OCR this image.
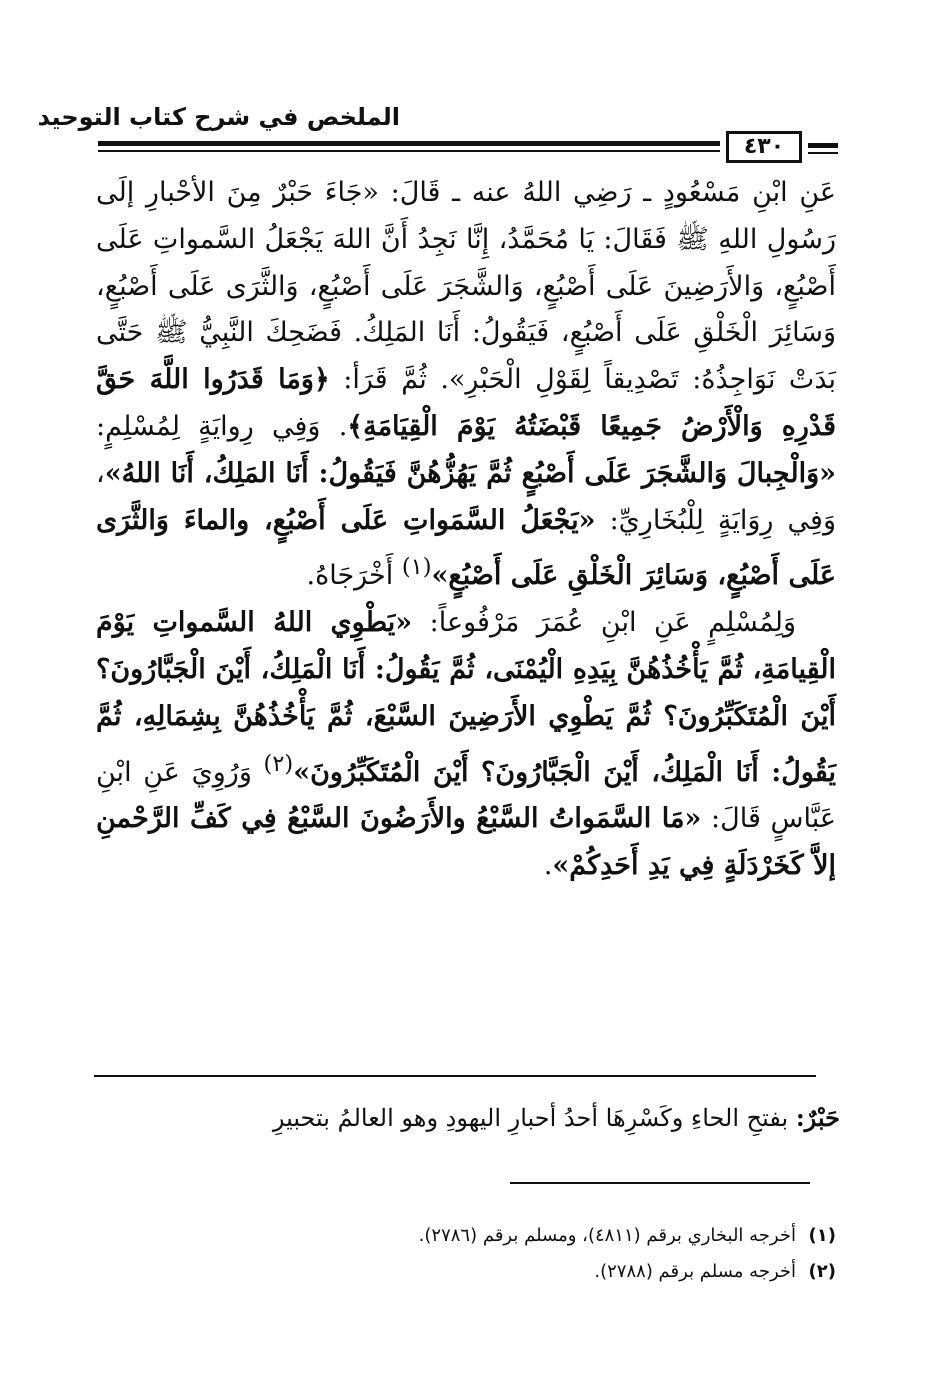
الملخص في شرح كتاب التوحيد
٤٣٠

عَنِ ابْنِ مَسْعُودٍ ـ رَضِي اللهُ عنه ـ قَالَ: «جَاءَ حَبْرٌ مِنَ الأحْبارِ إلَى رَسُولِ اللهِ ﷺ فَقَالَ: يَا مُحَمَّدُ، إِنَّا نَجِدُ أَنَّ اللهَ يَجْعَلُ السَّمواتِ عَلَى أَصْبُعٍ، وَالأَرَضِينَ عَلَى أَصْبُعٍ، وَالشَّجَرَ عَلَى أَصْبُعٍ، وَالثَّرَى عَلَى أَصْبُعٍ، وَسَائِرَ الْخَلْقِ عَلَى أَصْبُعٍ، فَيَقُولُ: أَنَا المَلِكُ. فَضَحِكَ النَّبِيُّ ﷺ حَتَّى بَدَتْ نَوَاجِذُهُ: تَصْدِيقاً لِقَوْلِ الْحَبْرِ». ثُمَّ قَرَأ: ﴿وَمَا قَدَرُوا اللَّهَ حَقَّ قَدْرِهِ وَالْأَرْضُ جَمِيعًا قَبْضَتُهُ يَوْمَ الْقِيَامَةِ﴾. وَفِي رِوايَةٍ لِمُسْلِمٍ: «وَالْجِبالَ وَالشَّجَرَ عَلَى أَصْبُعٍ ثُمَّ يَهُزُّهُنَّ فَيَقُولُ: أَنَا المَلِكُ، أَنَا اللهُ»، وَفِي رِوَايَةٍ لِلْبُخَارِيِّ: «يَجْعَلُ السَّمَواتِ عَلَى أَصْبُعٍ، والماءَ وَالثَّرَى عَلَى أَصْبُعٍ، وَسَائِرَ الْخَلْقِ عَلَى أَصْبُعٍ»$^{(١)}$ أَخْرَجَاهُ.

وَلِمُسْلِمٍ عَنِ ابْنِ عُمَرَ مَرْفُوعاً: «يَطْوِي اللهُ السَّمواتِ يَوْمَ الْقِيامَةِ، ثُمَّ يَأْخُذُهُنَّ بِيَدِهِ الْيُمْنَى، ثُمَّ يَقُولُ: أَنَا الْمَلِكُ، أَيْنَ الْجَبَّارُونَ؟ أَيْنَ الْمُتَكَبِّرُونَ؟ ثُمَّ يَطْوِي الأَرَضِينَ السَّبْعَ، ثُمَّ يَأْخُذُهُنَّ بِشِمَالِهِ، ثُمَّ يَقُولُ: أَنَا الْمَلِكُ، أَيْنَ الْجَبَّارُونَ؟ أَيْنَ الْمُتَكَبِّرُونَ»$^{(٢)}$ وَرُوِيَ عَنِ ابْنِ عَبَّاسٍ قَالَ: «مَا السَّمَواتُ السَّبْعُ والأَرَضُونَ السَّبْعُ فِي كَفِّ الرَّحْمنِ إلاَّ كَخَرْدَلَةٍ فِي يَدِ أَحَدِكُمْ».

حَبْرٌ: بفتحِ الحاءِ وكَسْرِهَا أحدُ أحبارِ اليهودِ وهو العالمُ بتحبيرِ

(١)أخرجه البخاري برقم (٤٨١١)، ومسلم برقم (٢٧٨٦).

(٢)أخرجه مسلم برقم (٢٧٨٨).
